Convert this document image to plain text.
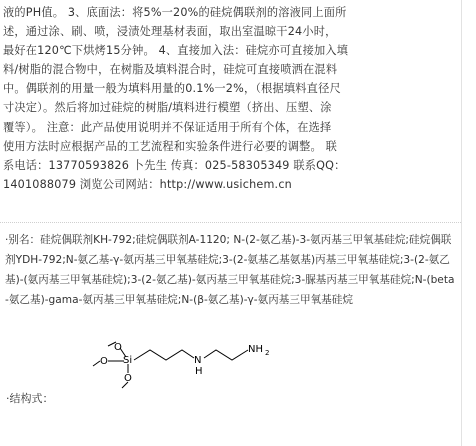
液的PH值。 3、底面法：将5%一20%的硅烷偶联剂的溶液同上面所
述，通过涂、刷、喷，浸渍处理基材表面，取出室温晾干24小时，
最好在120℃下烘烤15分钟。 4、直接加入法：硅烷亦可直接加入填
料/树脂的混合物中，在树脂及填料混合时，硅烷可直接喷洒在混料
中。偶联剂的用量一般为填料用量的0.1%一2%，（根据填料直径尺
寸决定）。然后将加过硅烷的树脂/填料进行模塑（挤出、压塑、涂
覆等）。 注意：此产品使用说明并不保证适用于所有个体，在选择
使用方法时应根据产品的工艺流程和实验条件进行必要的调整。 联
系电话：13770593826 卜先生 传真：025-58305349 联系QQ：
1401088079 浏览公司网站：http://www.usichem.cn

·别名：硅烷偶联剂KH-792;硅烷偶联剂A-1120; N-(2-氨乙基)-3-氨丙基三甲氧基硅烷;硅烷偶联剂YDH-792;N-氨乙基-γ-氨丙基三甲氧基硅烷;3-(2-氨基乙基氨基)丙基三甲氧基硅烷;3-(2-氨乙基)-(氨丙基三甲氧基硅烷);3-(2-氨乙基)-氨丙基三甲氧基硅烷;3-脲基丙基三甲氧基硅烷;N-(beta-氨乙基)-gama-氨丙基三甲氧基硅烷;N-(β-氨乙基)-γ-氨丙基三甲氧基硅烷

Si
O
O
O
N
H
NH 2
·结构式：
